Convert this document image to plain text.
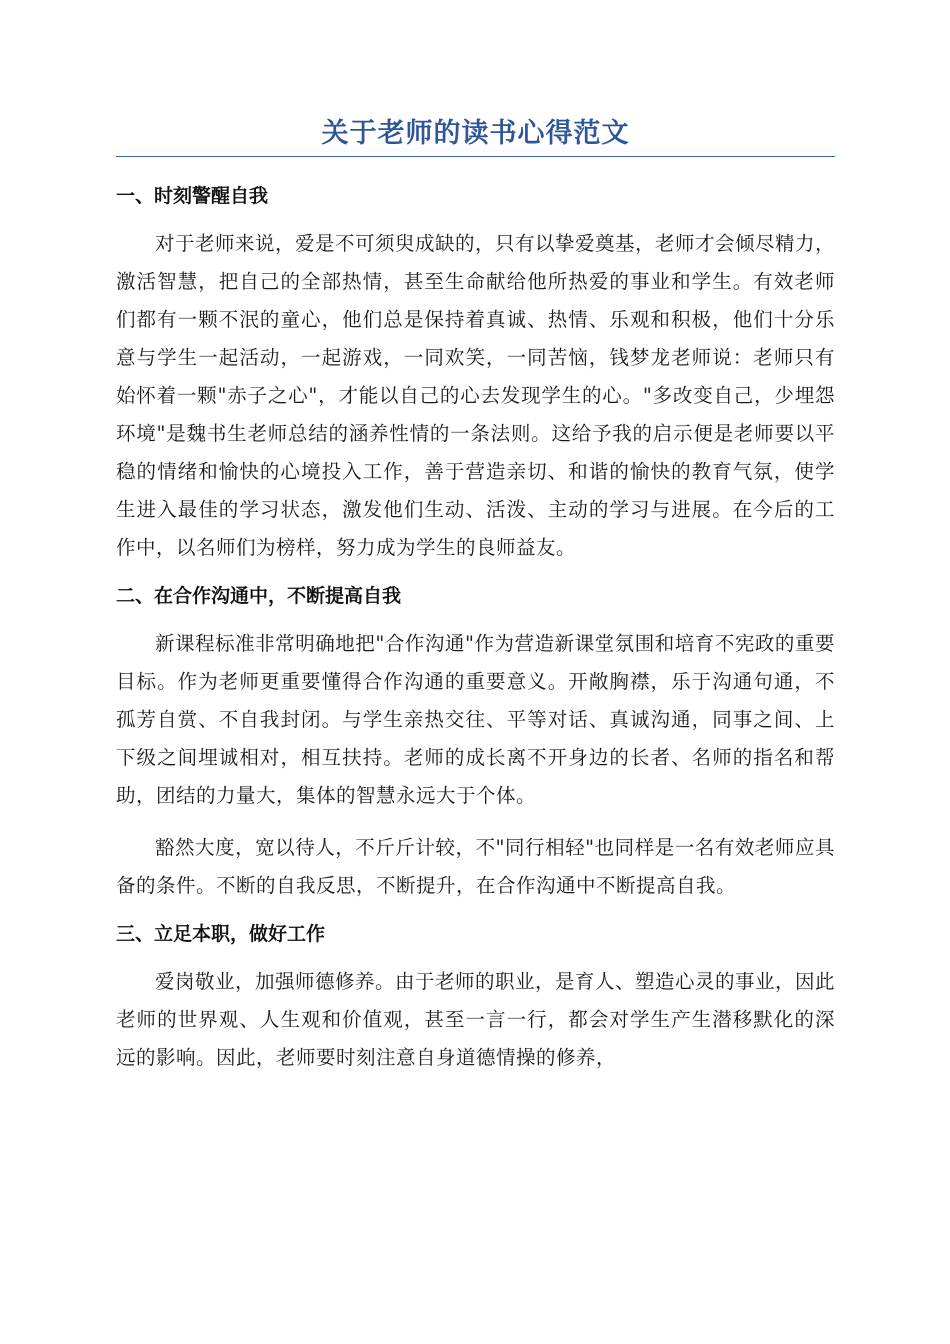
关于老师的读书心得范文
一、时刻警醒自我

对于老师来说，爱是不可须臾成缺的，只有以挚爱奠基，老师才会倾尽精力，激活智慧，把自己的全部热情，甚至生命献给他所热爱的事业和学生。有效老师们都有一颗不泯的童心，他们总是保持着真诚、热情、乐观和积极，他们十分乐意与学生一起活动，一起游戏，一同欢笑，一同苦恼，钱梦龙老师说：老师只有始怀着一颗"赤子之心"，才能以自己的心去发现学生的心。"多改变自己，少埋怨环境"是魏书生老师总结的涵养性情的一条法则。这给予我的启示便是老师要以平稳的情绪和愉快的心境投入工作，善于营造亲切、和谐的愉快的教育气氛，使学生进入最佳的学习状态，激发他们生动、活泼、主动的学习与进展。在今后的工作中，以名师们为榜样，努力成为学生的良师益友。

二、在合作沟通中，不断提高自我

新课程标准非常明确地把"合作沟通"作为营造新课堂氛围和培育不宪政的重要目标。作为老师更重要懂得合作沟通的重要意义。开敞胸襟，乐于沟通句通，不孤芳自赏、不自我封闭。与学生亲热交往、平等对话、真诚沟通，同事之间、上下级之间埋诚相对，相互扶持。老师的成长离不开身边的长者、名师的指名和帮助，团结的力量大，集体的智慧永远大于个体。

豁然大度，宽以待人，不斤斤计较，不"同行相轻"也同样是一名有效老师应具备的条件。不断的自我反思，不断提升，在合作沟通中不断提高自我。

三、立足本职，做好工作

爱岗敬业，加强师德修养。由于老师的职业，是育人、塑造心灵的事业，因此老师的世界观、人生观和价值观，甚至一言一行，都会对学生产生潜移默化的深远的影响。因此，老师要时刻注意自身道德情操的修养，
